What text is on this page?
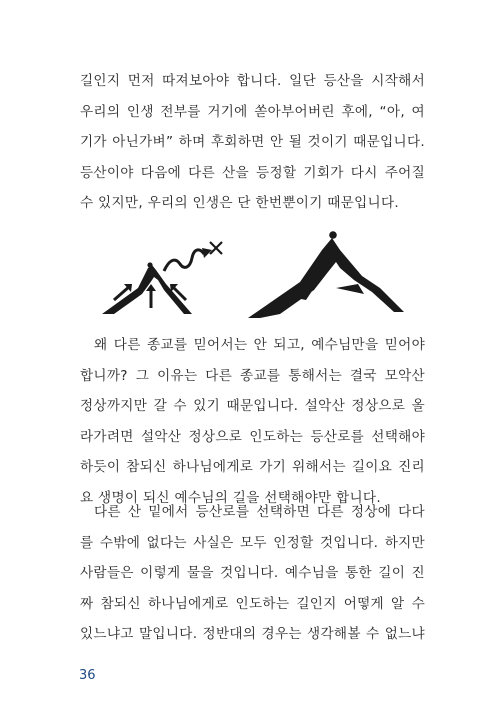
길인지 먼저 따져보아야 합니다. 일단 등산을 시작해서
우리의 인생 전부를 거기에 쏟아부어버린 후에, “아, 여
기가 아닌가벼” 하며 후회하면 안 될 것이기 때문입니다.
등산이야 다음에 다른 산을 등정할 기회가 다시 주어질
수 있지만, 우리의 인생은 단 한번뿐이기 때문입니다.
왜 다른 종교를 믿어서는 안 되고, 예수님만을 믿어야
합니까? 그 이유는 다른 종교를 통해서는 결국 모악산
정상까지만 갈 수 있기 때문입니다. 설악산 정상으로 올
라가려면 설악산 정상으로 인도하는 등산로를 선택해야
하듯이 참되신 하나님에게로 가기 위해서는 길이요 진리
요 생명이 되신 예수님의 길을 선택해야만 합니다.
다른 산 밑에서 등산로를 선택하면 다른 정상에 다다
를 수밖에 없다는 사실은 모두 인정할 것입니다. 하지만
사람들은 이렇게 물을 것입니다. 예수님을 통한 길이 진
짜 참되신 하나님에게로 인도하는 길인지 어떻게 알 수
있느냐고 말입니다. 정반대의 경우는 생각해볼 수 없느냐
36
